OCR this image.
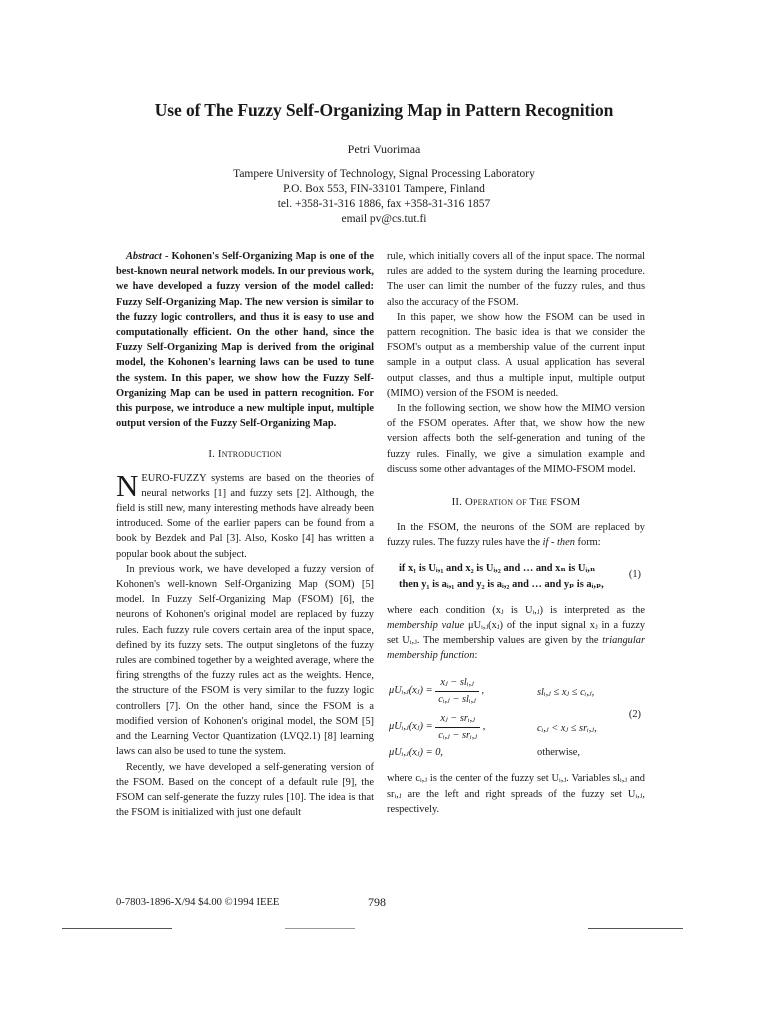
Use of The Fuzzy Self-Organizing Map in Pattern Recognition
Petri Vuorimaa
Tampere University of Technology, Signal Processing Laboratory
P.O. Box 553, FIN-33101 Tampere, Finland
tel. +358-31-316 1886, fax +358-31-316 1857
email pv@cs.tut.fi

Abstract - Kohonen's Self-Organizing Map is one of the best-known neural network models. In our previous work, we have developed a fuzzy version of the model called: Fuzzy Self-Organizing Map. The new version is similar to the fuzzy logic controllers, and thus it is easy to use and computationally efficient. On the other hand, since the Fuzzy Self-Organizing Map is derived from the original model, the Kohonen's learning laws can be used to tune the system. In this paper, we show how the Fuzzy Self-Organizing Map can be used in pattern recognition. For this purpose, we introduce a new multiple input, multiple output version of the Fuzzy Self-Organizing Map.

I. Introduction

NEURO-FUZZY systems are based on the theories of neural networks [1] and fuzzy sets [2]. Although, the field is still new, many interesting methods have already been introduced. Some of the earlier papers can be found from a book by Bezdek and Pal [3]. Also, Kosko [4] has written a popular book about the subject.

In previous work, we have developed a fuzzy version of Kohonen's well-known Self-Organizing Map (SOM) [5] model. In Fuzzy Self-Organizing Map (FSOM) [6], the neurons of Kohonen's original model are replaced by fuzzy rules. Each fuzzy rule covers certain area of the input space, defined by its fuzzy sets. The output singletons of the fuzzy rules are combined together by a weighted average, where the firing strengths of the fuzzy rules act as the weights. Hence, the structure of the FSOM is very similar to the fuzzy logic controllers [7]. On the other hand, since the FSOM is a modified version of Kohonen's original model, the SOM [5] and the Learning Vector Quantization (LVQ2.1) [8] learning laws can also be used to tune the system.

Recently, we have developed a self-generating version of the FSOM. Based on the concept of a default rule [9], the FSOM can self-generate the fuzzy rules [10]. The idea is that the FSOM is initialized with just one default

rule, which initially covers all of the input space. The normal rules are added to the system during the learning procedure. The user can limit the number of the fuzzy rules, and thus also the accuracy of the FSOM.

In this paper, we show how the FSOM can be used in pattern recognition. The basic idea is that we consider the FSOM's output as a membership value of the current input sample in a output class. A usual application has several output classes, and thus a multiple input, multiple output (MIMO) version of the FSOM is needed.

In the following section, we show how the MIMO version of the FSOM operates. After that, we show how the new version affects both the self-generation and tuning of the fuzzy rules. Finally, we give a simulation example and discuss some other advantages of the MIMO-FSOM model.

II. Operation of The FSOM

In the FSOM, the neurons of the SOM are replaced by fuzzy rules. The fuzzy rules have the if - then form:

if x₁ is Uᵢ,₁ and x₂ is Uᵢ,₂ and … and xₙ is Uᵢ,ₙ
then y₁ is aᵢ,₁ and y₂ is aᵢ,₂ and … and yₚ is aᵢ,ₚ,
(1)

where each condition (xⱼ is Uᵢ,ⱼ) is interpreted as the membership value μUᵢ,ⱼ(xⱼ) of the input signal xⱼ in a fuzzy set Uᵢ,ⱼ. The membership values are given by the triangular membership function:

μUᵢ,ⱼ(xⱼ) = $\frac{\text{xⱼ − slᵢ,ⱼ}}{\text{cᵢ,ⱼ − slᵢ,ⱼ}}$ ,	slᵢ,ⱼ ≤ xⱼ ≤ cᵢ,ⱼ,
μUᵢ,ⱼ(xⱼ) = $\frac{\text{xⱼ − srᵢ,ⱼ}}{\text{cᵢ,ⱼ − srᵢ,ⱼ}}$ ,	cᵢ,ⱼ < xⱼ ≤ srᵢ,ⱼ,
μUᵢ,ⱼ(xⱼ) = 0,	otherwise,
(2)

where cᵢ,ⱼ is the center of the fuzzy set Uᵢ,ⱼ. Variables slᵢ,ⱼ and srᵢ,ⱼ are the left and right spreads of the fuzzy set Uᵢ,ⱼ, respectively.

0-7803-1896-X/94 $4.00 ©1994 IEEE	798
